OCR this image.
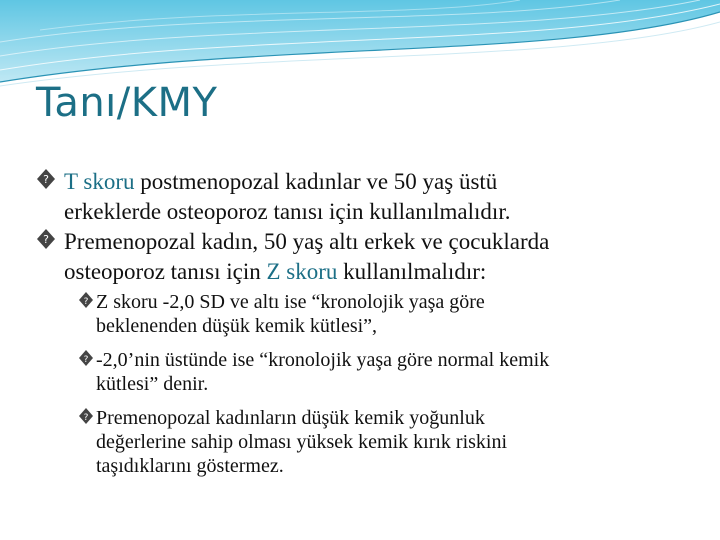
Tanı/KMY
? T skoru postmenopozal kadınlar ve 50 yaş üstü
erkeklerde osteoporoz tanısı için kullanılmalıdır.
? Premenopozal kadın, 50 yaş altı erkek ve çocuklarda
osteoporoz tanısı için Z skoru kullanılmalıdır:
? Z skoru -2,0 SD ve altı ise “kronolojik yaşa göre
beklenenden düşük kemik kütlesi”,
? -2,0’nin üstünde ise “kronolojik yaşa göre normal kemik
kütlesi” denir.
? Premenopozal kadınların düşük kemik yoğunluk
değerlerine sahip olması yüksek kemik kırık riskini
taşıdıklarını göstermez.
